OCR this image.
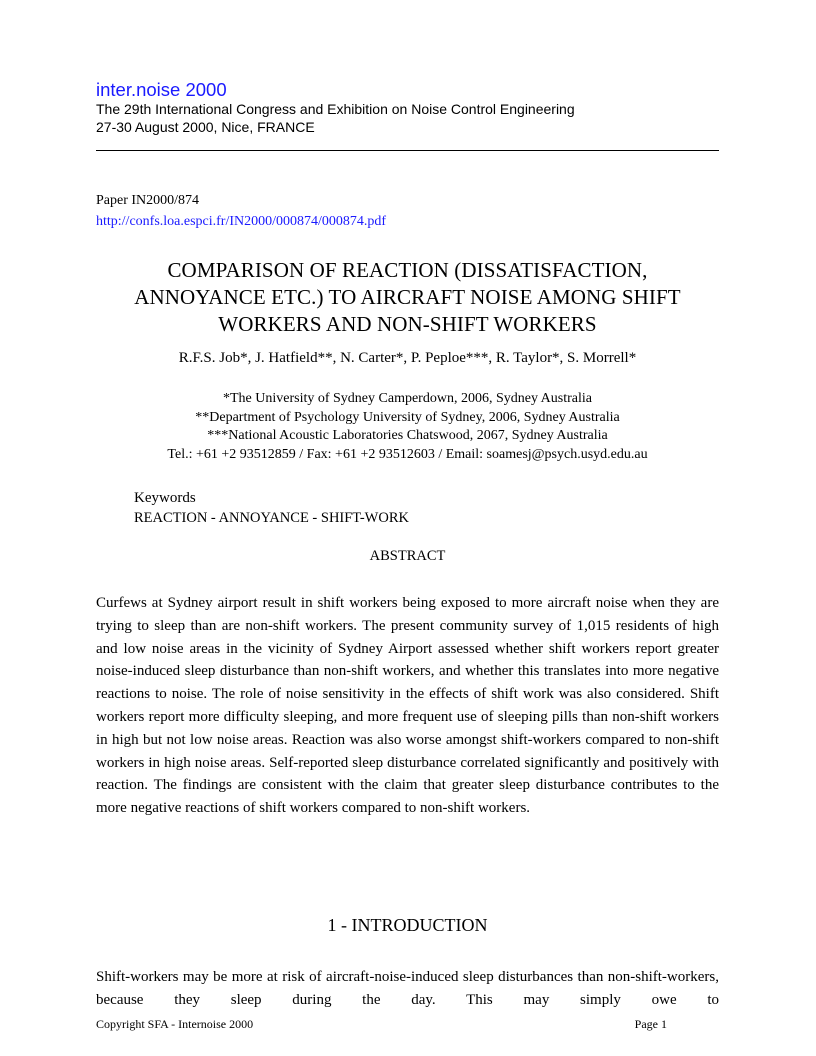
inter.noise 2000
The 29th International Congress and Exhibition on Noise Control Engineering
27-30 August 2000, Nice, FRANCE
Paper IN2000/874
http://confs.loa.espci.fr/IN2000/000874/000874.pdf
COMPARISON OF REACTION (DISSATISFACTION,
ANNOYANCE ETC.) TO AIRCRAFT NOISE AMONG SHIFT
WORKERS AND NON-SHIFT WORKERS
R.F.S. Job*, J. Hatfield**, N. Carter*, P. Peploe***, R. Taylor*, S. Morrell*
*The University of Sydney Camperdown, 2006, Sydney Australia
**Department of Psychology University of Sydney, 2006, Sydney Australia
***National Acoustic Laboratories Chatswood, 2067, Sydney Australia
Tel.: +61 +2 93512859 / Fax: +61 +2 93512603 / Email: soamesj@psych.usyd.edu.au
Keywords
REACTION - ANNOYANCE - SHIFT-WORK
ABSTRACT

Curfews at Sydney airport result in shift workers being exposed to more aircraft noise when they are trying to sleep than are non-shift workers. The present community survey of 1,015 residents of high and low noise areas in the vicinity of Sydney Airport assessed whether shift workers report greater noise-induced sleep disturbance than non-shift workers, and whether this translates into more negative reactions to noise. The role of noise sensitivity in the effects of shift work was also considered. Shift workers report more difficulty sleeping, and more frequent use of sleeping pills than non-shift workers in high but not low noise areas. Reaction was also worse amongst shift-workers compared to non-shift workers in high noise areas. Self-reported sleep disturbance correlated significantly and positively with reaction. The findings are consistent with the claim that greater sleep disturbance contributes to the more negative reactions of shift workers compared to non-shift workers.

1 - INTRODUCTION

Shift-workers may be more at risk of aircraft-noise-induced sleep disturbances than non-shift-workers, because they sleep during the day. This may simply owe to

Copyright SFA - Internoise 2000	Page 1
